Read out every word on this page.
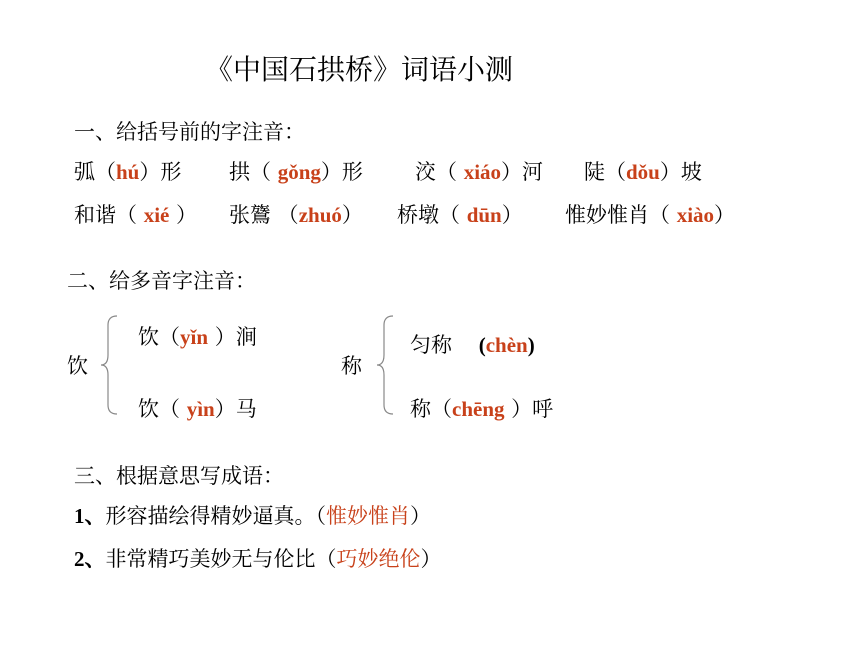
《中国石拱桥》词语小测
一、给括号前的字注音：
弧（hú）形 拱（ gǒng）形 洨（ xiáo）河 陡（dǒu）坡
和谐（ xié ） 张鷟 （zhuó） 桥墩（ dūn） 惟妙惟肖（ xiào）
二、给多音字注音：
饮
饮（yǐn ）涧
饮（ yìn）马
称
匀称    (chèn)
称（chēng ）呼
三、根据意思写成语：
1、形容描绘得精妙逼真。（惟妙惟肖）
2、非常精巧美妙无与伦比（巧妙绝伦）
